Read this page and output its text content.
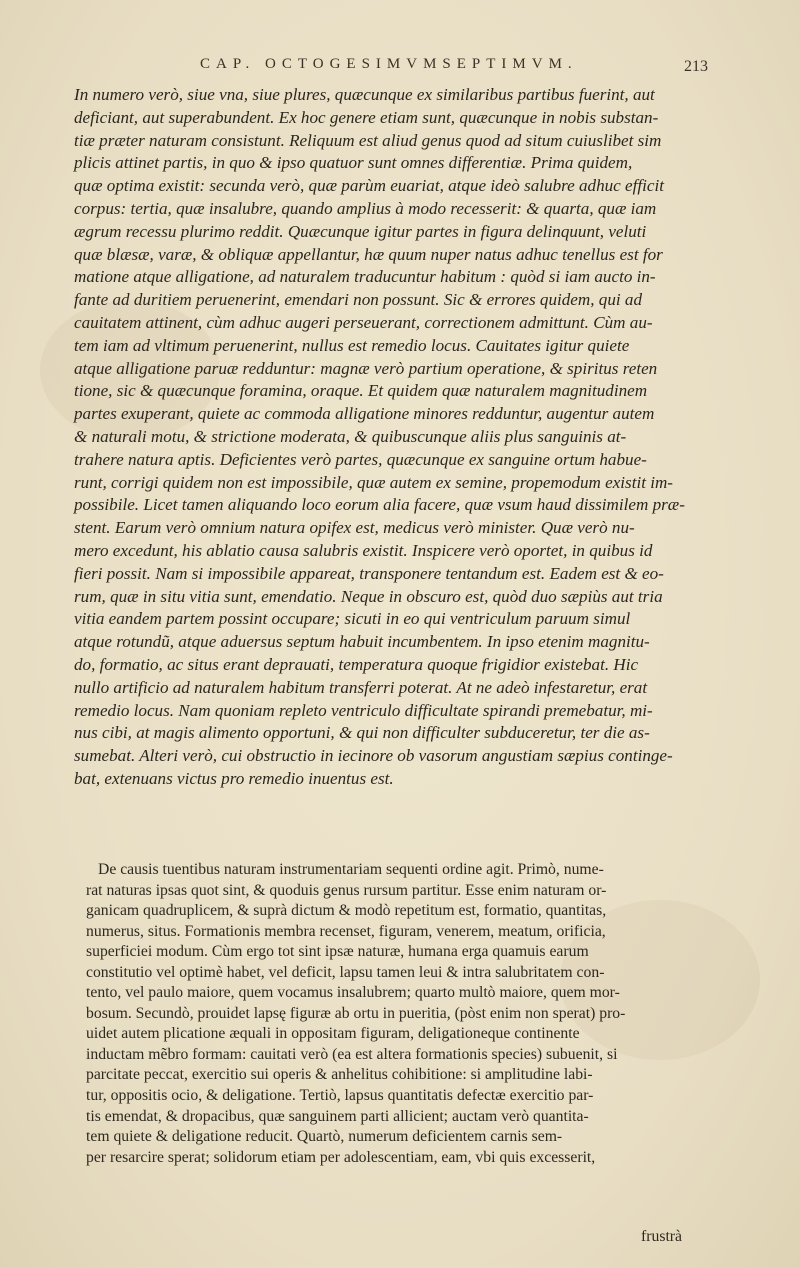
CAP. OCTOGESIMVMSEPTIMVM.	213
In numero verò, siue vna, siue plures, quæcunque ex similaribus partibus fuerint, aut
deficiant, aut superabundent. Ex hoc genere etiam sunt, quæcunque in nobis substan-
tiæ præter naturam consistunt. Reliquum est aliud genus quod ad situm cuiuslibet sim
plicis attinet partis, in quo & ipso quatuor sunt omnes differentiæ. Prima quidem,
quæ optima existit: secunda verò, quæ parùm euariat, atque ideò salubre adhuc efficit
corpus: tertia, quæ insalubre, quando amplius à modo recesserit: & quarta, quæ iam
ægrum recessu plurimo reddit. Quæcunque igitur partes in figura delinquunt, veluti
quæ blæsæ, varæ, & obliquæ appellantur, hæ quum nuper natus adhuc tenellus est for
matione atque alligatione, ad naturalem traducuntur habitum : quòd si iam aucto in-
fante ad duritiem peruenerint, emendari non possunt. Sic & errores quidem, qui ad
cauitatem attinent, cùm adhuc augeri perseuerant, correctionem admittunt. Cùm au-
tem iam ad vltimum peruenerint, nullus est remedio locus. Cauitates igitur quiete
atque alligatione paruæ redduntur: magnæ verò partium operatione, & spiritus reten
tione, sic & quæcunque foramina, oraque. Et quidem quæ naturalem magnitudinem
partes exuperant, quiete ac commoda alligatione minores redduntur, augentur autem
& naturali motu, & strictione moderata, & quibuscunque aliis plus sanguinis at-
trahere natura aptis. Deficientes verò partes, quæcunque ex sanguine ortum habue-
runt, corrigi quidem non est impossibile, quæ autem ex semine, propemodum existit im-
possibile. Licet tamen aliquando loco eorum alia facere, quæ vsum haud dissimilem præ-
stent. Earum verò omnium natura opifex est, medicus verò minister. Quæ verò nu-
mero excedunt, his ablatio causa salubris existit. Inspicere verò oportet, in quibus id
fieri possit. Nam si impossibile appareat, transponere tentandum est. Eadem est & eo-
rum, quæ in situ vitia sunt, emendatio. Neque in obscuro est, quòd duo sæpiùs aut tria
vitia eandem partem possint occupare; sicuti in eo qui ventriculum paruum simul
atque rotundũ, atque aduersus septum habuit incumbentem. In ipso etenim magnitu-
do, formatio, ac situs erant deprauati, temperatura quoque frigidior existebat. Hic
nullo artificio ad naturalem habitum transferri poterat. At ne adeò infestaretur, erat
remedio locus. Nam quoniam repleto ventriculo difficultate spirandi premebatur, mi-
nus cibi, at magis alimento opportuni, & qui non difficulter subduceretur, ter die as-
sumebat. Alteri verò, cui obstructio in iecinore ob vasorum angustiam sæpius continge-
bat, extenuans victus pro remedio inuentus est.
De causis tuentibus naturam instrumentariam sequenti ordine agit. Primò, nume-
rat naturas ipsas quot sint, & quoduis genus rursum partitur. Esse enim naturam or-
ganicam quadruplicem, & suprà dictum & modò repetitum est, formatio, quantitas,
numerus, situs. Formationis membra recenset, figuram, venerem, meatum, orificia,
superficiei modum. Cùm ergo tot sint ipsæ naturæ, humana erga quamuis earum
constitutio vel optimè habet, vel deficit, lapsu tamen leui & intra salubritatem con-
tento, vel paulo maiore, quem vocamus insalubrem; quarto multò maiore, quem mor-
bosum. Secundò, prouidet lapsę figuræ ab ortu in pueritia, (pòst enim non sperat) pro-
uidet autem plicatione æquali in oppositam figuram, deligationeque continente
inductam mẽbro formam: cauitati verò (ea est altera formationis species) subuenit, si
parcitate peccat, exercitio sui operis & anhelitus cohibitione: si amplitudine labi-
tur, oppositis ocio, & deligatione. Tertiò, lapsus quantitatis defectæ exercitio par-
tis emendat, & dropacibus, quæ sanguinem parti allicient; auctam verò quantita-
tem quiete & deligatione reducit. Quartò, numerum deficientem carnis sem-
per resarcire sperat; solidorum etiam per adolescentiam, eam, vbi quis excesserit,
frustrà
